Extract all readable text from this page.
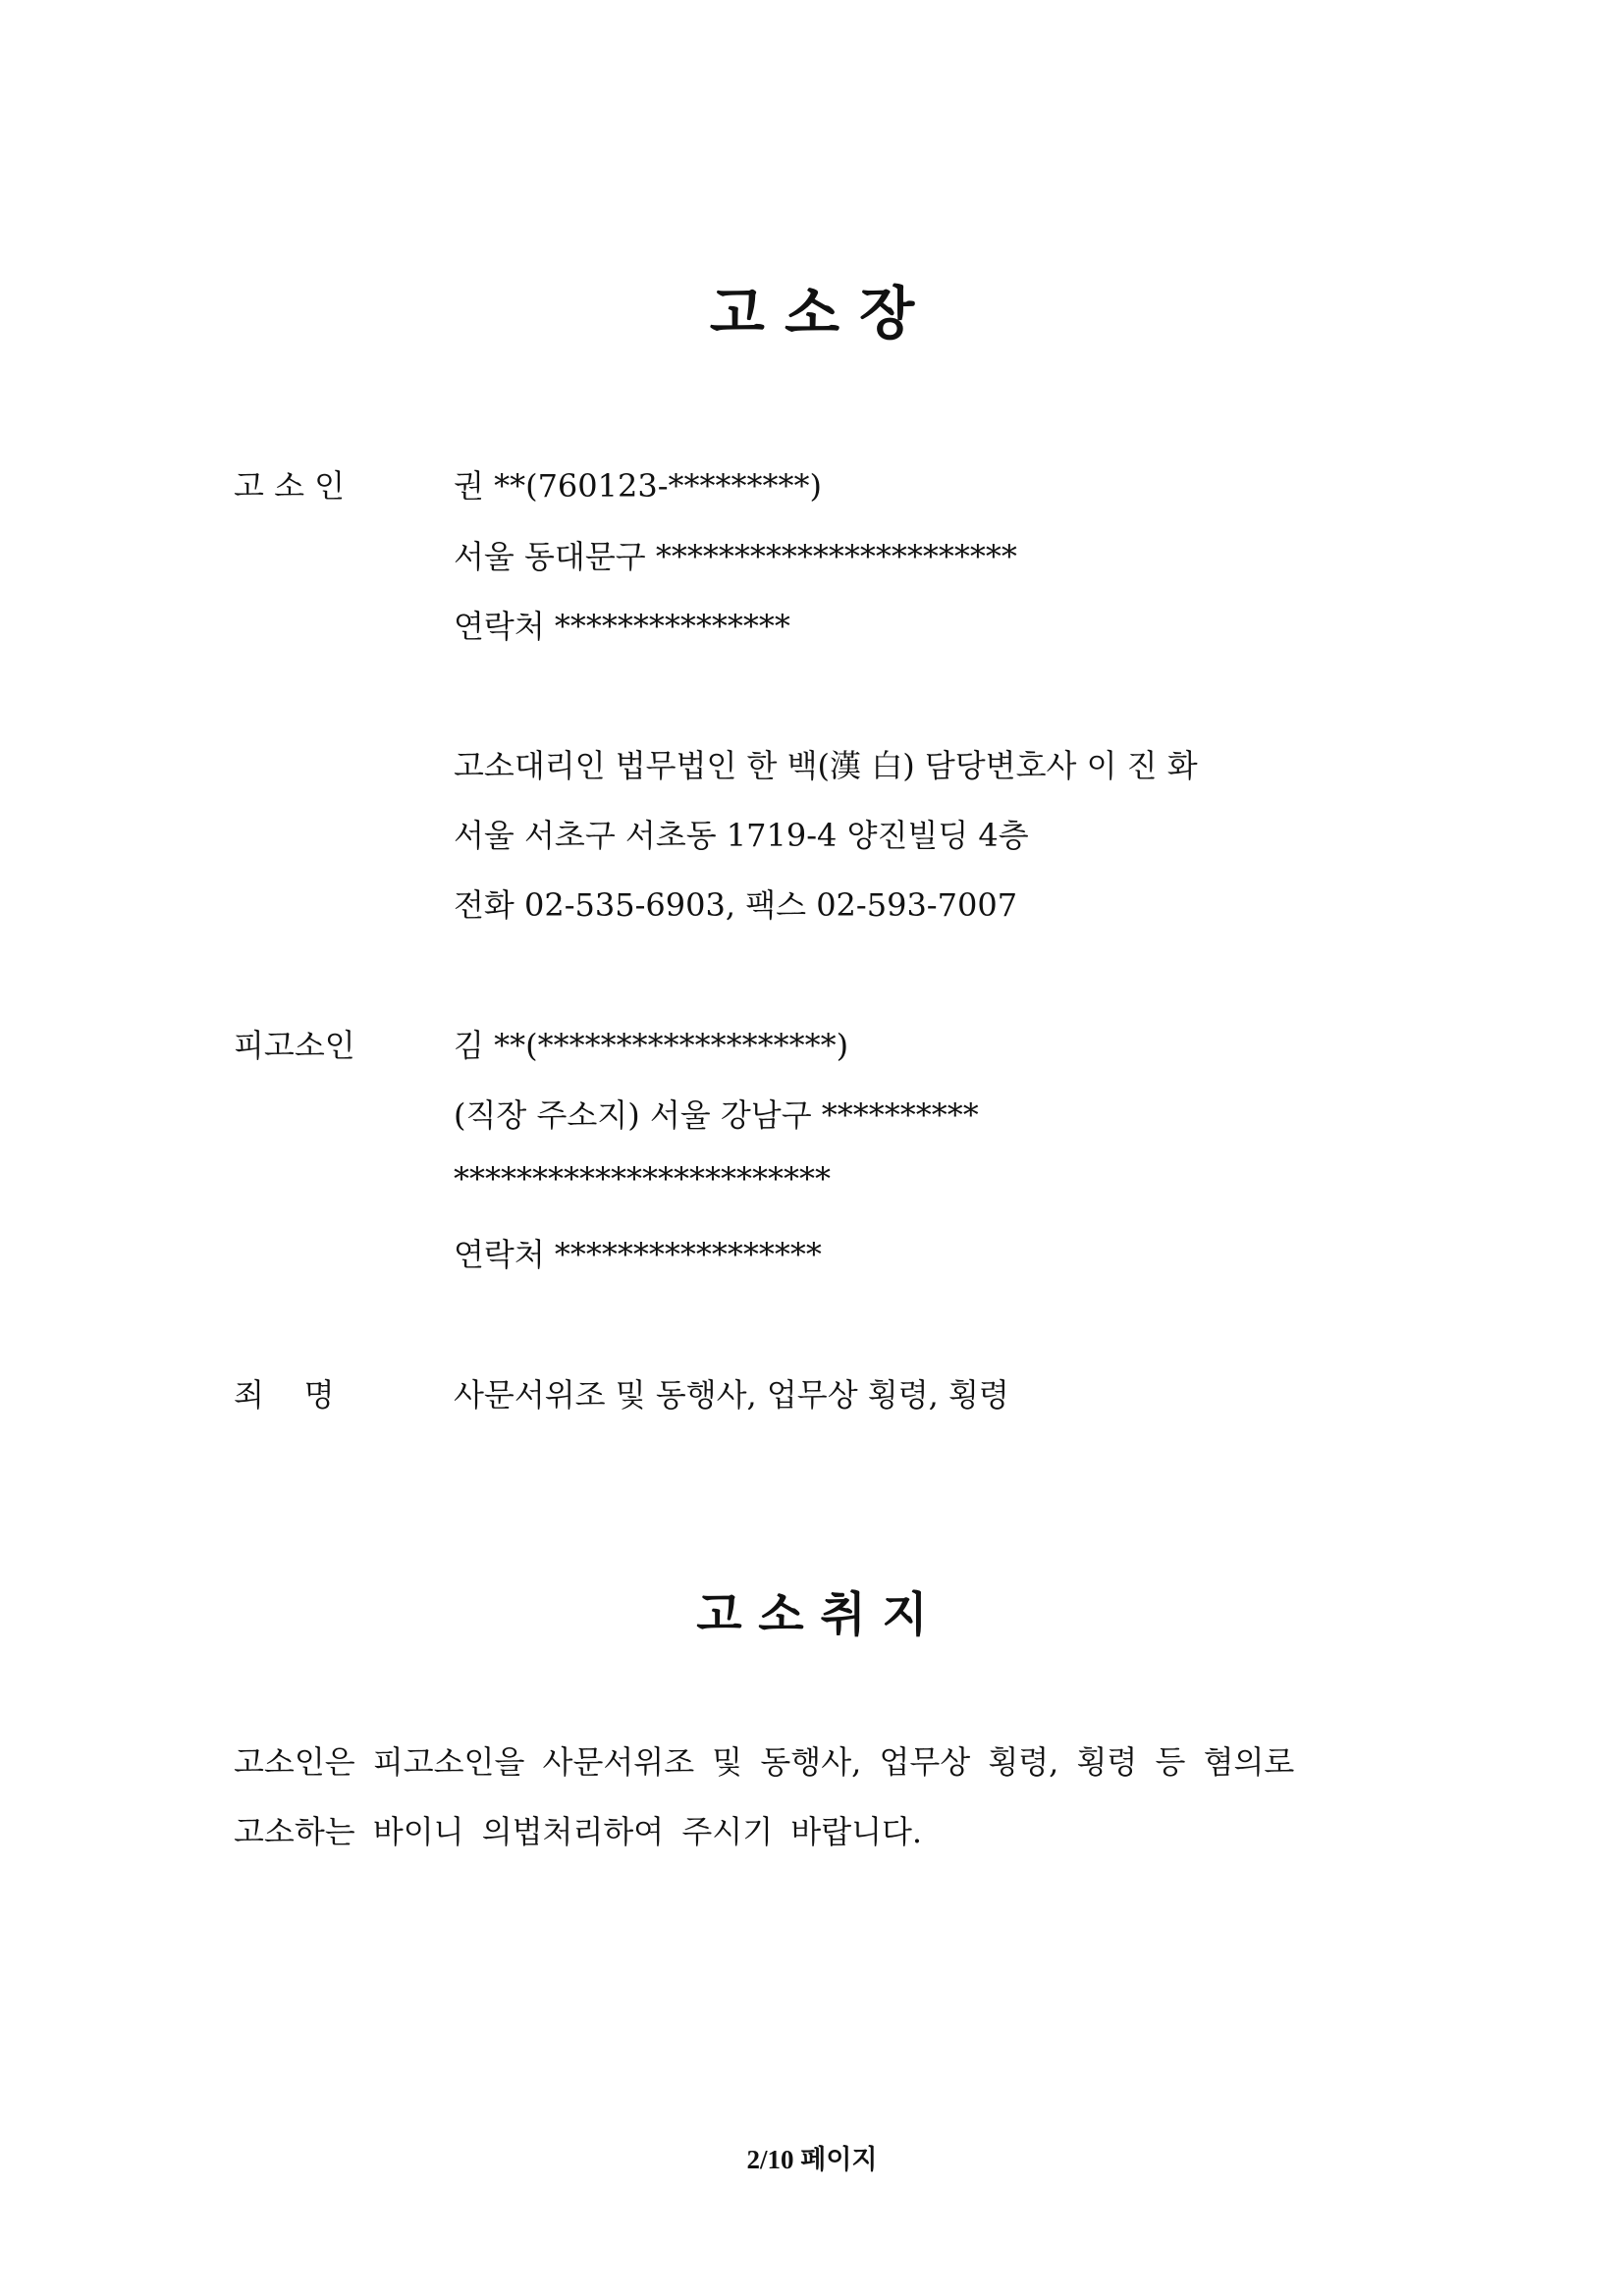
고 소 장
고 소 인	권 **(760123-*********)
서울 동대문구 ***********************
연락처 ***************
고소대리인 법무법인 한 백(漢 白) 담당변호사 이 진 화
서울 서초구 서초동 1719-4 양진빌딩 4층
전화 02-535-6903, 팩스 02-593-7007
피고소인	김 **(*******************)
(직장 주소지) 서울 강남구 **********
************************
연락처 *****************
죄    명	사문서위조 및 동행사, 업무상 횡령, 횡령
고 소 취 지
고소인은 피고소인을 사문서위조 및 동행사, 업무상 횡령, 횡령 등 혐의로
고소하는 바이니 의법처리하여 주시기 바랍니다.
2/10 페이지
